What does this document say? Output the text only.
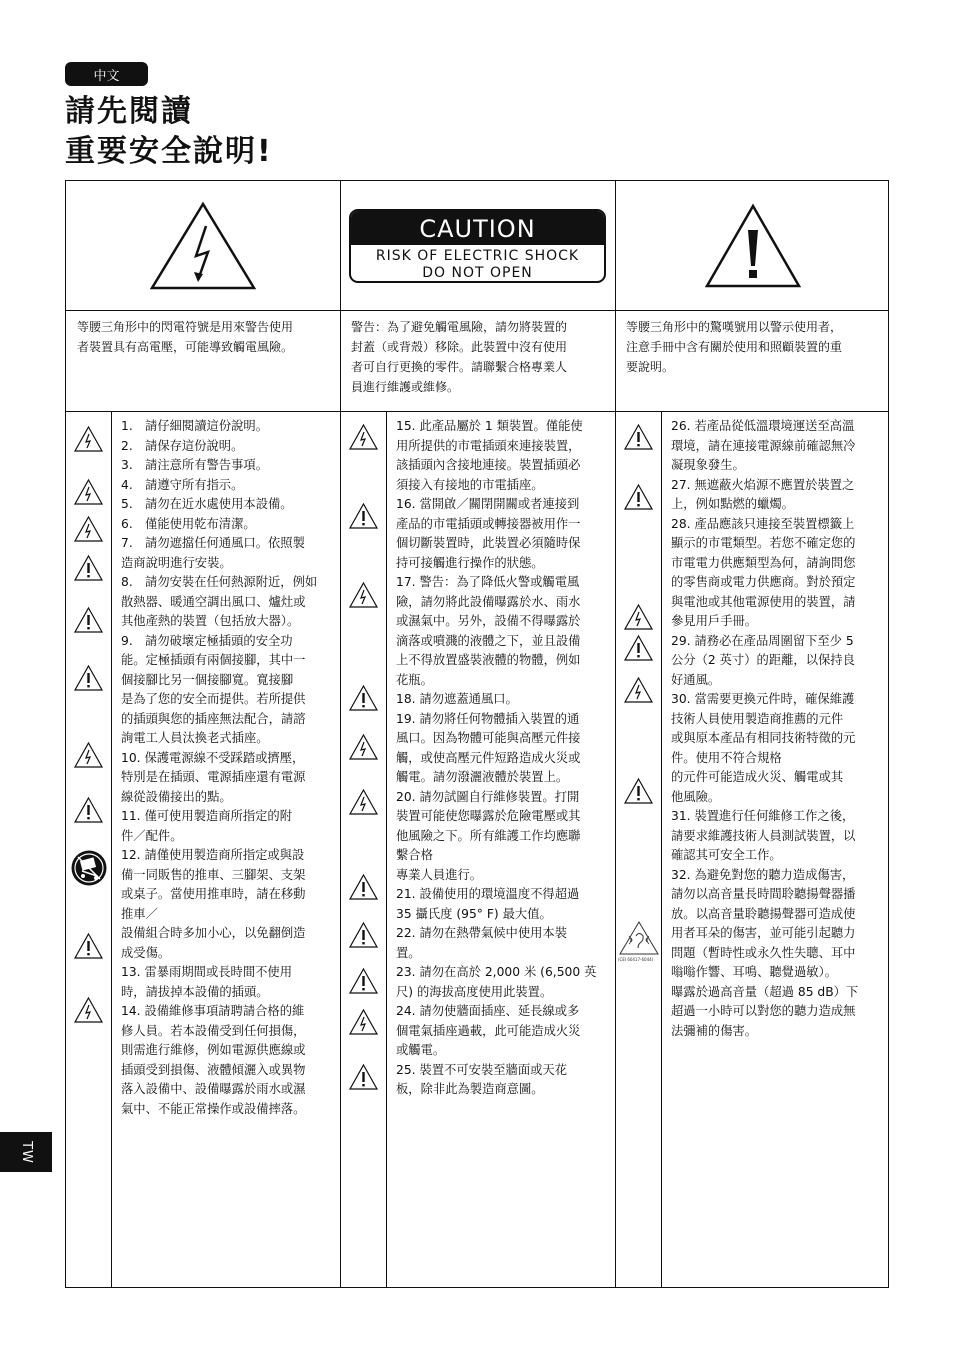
中文
請先閱讀
重要安全說明!
CAUTION
RISK OF ELECTRIC SHOCK
DO NOT OPEN
等腰三角形中的閃電符號是用來警告使用
者裝置具有高電壓，可能導致觸電風險。
警告：為了避免觸電風險，請勿將裝置的
封蓋（或背殼）移除。此裝置中沒有使用
者可自行更換的零件。請聯繫合格專業人
員進行維護或維修。
等腰三角形中的驚嘆號用以警示使用者，
注意手冊中含有關於使用和照顧裝置的重
要說明。
(CEI 60417-6044)
1.　請仔細閱讀這份說明。
2.　請保存這份說明。
3.　請注意所有警告事項。
4.　請遵守所有指示。
5.　請勿在近水處使用本設備。
6.　僅能使用乾布清潔。
7.　請勿遮擋任何通風口。依照製
造商說明進行安裝。
8.　請勿安裝在任何熱源附近，例如
散熱器、暖通空調出風口、爐灶或
其他產熱的裝置（包括放大器）。
9.　請勿破壞定極插頭的安全功
能。定極插頭有兩個接腳，其中一
個接腳比另一個接腳寬。寬接腳
是為了您的安全而提供。若所提供
的插頭與您的插座無法配合，請諮
詢電工人員汰換老式插座。
10. 保護電源線不受踩踏或擠壓，
特別是在插頭、電源插座還有電源
線從設備接出的點。
11. 僅可使用製造商所指定的附
件／配件。
12. 請僅使用製造商所指定或與設
備一同販售的推車、三腳架、支架
或桌子。當使用推車時，請在移動
推車／
設備組合時多加小心，以免翻倒造
成受傷。
13. 雷暴雨期間或長時間不使用
時，請拔掉本設備的插頭。
14. 設備維修事項請聘請合格的維
修人員。若本設備受到任何損傷，
則需進行維修，例如電源供應線或
插頭受到損傷、液體傾灑入或異物
落入設備中、設備曝露於雨水或濕
氣中、不能正常操作或設備摔落。
15. 此產品屬於 1 類裝置。僅能使
用所提供的市電插頭來連接裝置，
該插頭內含接地連接。裝置插頭必
須接入有接地的市電插座。
16. 當開啟／關閉開關或者連接到
產品的市電插頭或轉接器被用作一
個切斷裝置時，此裝置必須隨時保
持可接觸進行操作的狀態。
17. 警告：為了降低火警或觸電風
險，請勿將此設備曝露於水、雨水
或濕氣中。另外，設備不得曝露於
滴落或噴濺的液體之下，並且設備
上不得放置盛裝液體的物體，例如
花瓶。
18. 請勿遮蓋通風口。
19. 請勿將任何物體插入裝置的通
風口。因為物體可能與高壓元件接
觸，或使高壓元件短路造成火災或
觸電。請勿潑灑液體於裝置上。
20. 請勿試圖自行維修裝置。打開
裝置可能使您曝露於危險電壓或其
他風險之下。所有維護工作均應聯
繫合格
專業人員進行。
21. 設備使用的環境溫度不得超過
35 攝氏度 (95° F) 最大值。
22. 請勿在熱帶氣候中使用本裝
置。
23. 請勿在高於 2,000 米 (6,500 英
尺) 的海拔高度使用此裝置。
24. 請勿使牆面插座、延長線或多
個電氣插座過載，此可能造成火災
或觸電。
25. 裝置不可安裝至牆面或天花
板，除非此為製造商意圖。
26. 若產品從低溫環境運送至高溫
環境，請在連接電源線前確認無冷
凝現象發生。
27. 無遮蔽火焰源不應置於裝置之
上，例如點燃的蠟燭。
28. 產品應該只連接至裝置標籤上
顯示的市電類型。若您不確定您的
市電電力供應類型為何，請詢問您
的零售商或電力供應商。對於預定
與電池或其他電源使用的裝置，請
參見用戶手冊。
29. 請務必在產品周圍留下至少 5
公分（2 英寸）的距離，以保持良
好通風。
30. 當需要更換元件時，確保維護
技術人員使用製造商推薦的元件
或與原本產品有相同技術特徵的元
件。使用不符合規格
的元件可能造成火災、觸電或其
他風險。
31. 裝置進行任何維修工作之後，
請要求維護技術人員測試裝置，以
確認其可安全工作。
32. 為避免對您的聽力造成傷害，
請勿以高音量長時間聆聽揚聲器播
放。以高音量聆聽揚聲器可造成使
用者耳朵的傷害，並可能引起聽力
問題（暫時性或永久性失聰、耳中
嗡嗡作響、耳鳴、聽覺過敏）。
曝露於過高音量（超過 85 dB）下
超過一小時可以對您的聽力造成無
法彌補的傷害。
TW
